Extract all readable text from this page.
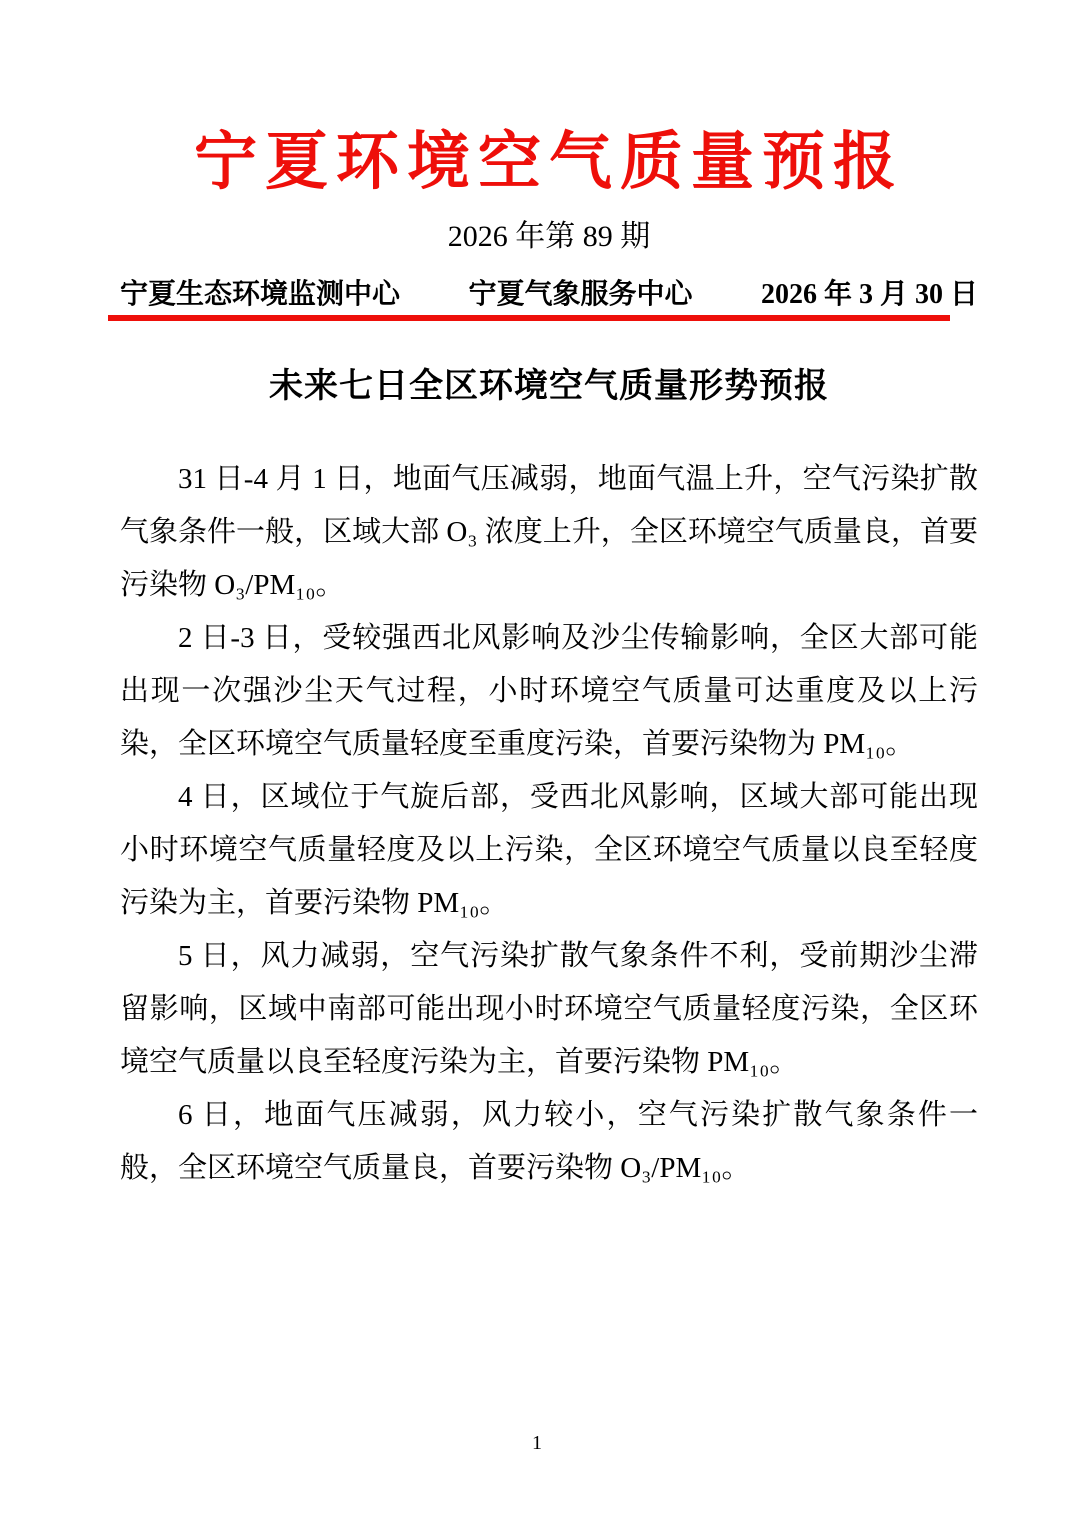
宁夏环境空气质量预报
2026 年第 89 期
宁夏生态环境监测中心 宁夏气象服务中心 2026 年 3 月 30 日
未来七日全区环境空气质量形势预报

31 日-4 月 1 日，地面气压减弱，地面气温上升，空气污染扩散气象条件一般，区域大部 O₃ 浓度上升，全区环境空气质量良，首要污染物 O₃/PM₁₀。

2 日-3 日，受较强西北风影响及沙尘传输影响，全区大部可能出现一次强沙尘天气过程，小时环境空气质量可达重度及以上污染，全区环境空气质量轻度至重度污染，首要污染物为 PM₁₀。

4 日，区域位于气旋后部，受西北风影响，区域大部可能出现小时环境空气质量轻度及以上污染，全区环境空气质量以良至轻度污染为主，首要污染物 PM₁₀。

5 日，风力减弱，空气污染扩散气象条件不利，受前期沙尘滞留影响，区域中南部可能出现小时环境空气质量轻度污染，全区环境空气质量以良至轻度污染为主，首要污染物 PM₁₀。

6 日，地面气压减弱，风力较小，空气污染扩散气象条件一般，全区环境空气质量良，首要污染物 O₃/PM₁₀。

1
